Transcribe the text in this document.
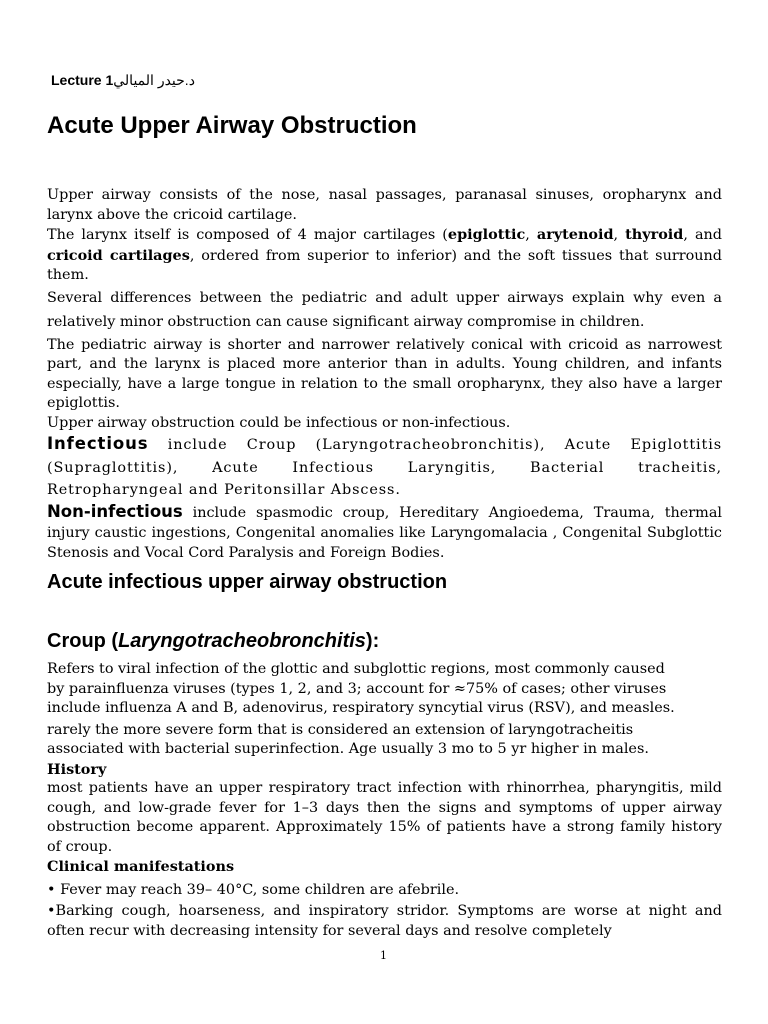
Lecture 1د.حيدر الميالي
Acute Upper Airway Obstruction

Upper airway consists of the nose, nasal passages, paranasal sinuses, oropharynx and larynx above the cricoid cartilage.

The larynx itself is composed of 4 major cartilages (epiglottic, arytenoid, thyroid, and cricoid cartilages, ordered from superior to inferior) and the soft tissues that surround them.

Several differences between the pediatric and adult upper airways explain why even a relatively minor obstruction can cause significant airway compromise in children.

The pediatric airway is shorter and narrower relatively conical with cricoid as narrowest part, and the larynx is placed more anterior than in adults. Young children, and infants especially, have a large tongue in relation to the small oropharynx, they also have a larger epiglottis.

Upper airway obstruction could be infectious or non-infectious.

Infectious include Croup (Laryngotracheobronchitis), Acute Epiglottitis (Supraglottitis), Acute Infectious Laryngitis, Bacterial tracheitis, Retropharyngeal and Peritonsillar Abscess.

Non-infectious include spasmodic croup, Hereditary Angioedema, Trauma, thermal injury caustic ingestions, Congenital anomalies like Laryngomalacia , Congenital Subglottic Stenosis and Vocal Cord Paralysis and Foreign Bodies.

Acute infectious upper airway obstruction
Croup (Laryngotracheobronchitis):

Refers to viral infection of the glottic and subglottic regions, most commonly caused

by parainfluenza viruses (types 1, 2, and 3; account for ≈75% of cases; other viruses

include influenza A and B, adenovirus, respiratory syncytial virus (RSV), and measles.

rarely the more severe form that is considered an extension of laryngotracheitis

associated with bacterial superinfection. Age usually 3 mo to 5 yr higher in males.

History

most patients have an upper respiratory tract infection with rhinorrhea, pharyngitis, mild cough, and low-grade fever for 1–3 days then the signs and symptoms of upper airway obstruction become apparent. Approximately 15% of patients have a strong family history of croup.

Clinical manifestations

• Fever may reach 39– 40°C, some children are afebrile.

•Barking cough, hoarseness, and inspiratory stridor. Symptoms are worse at night and often recur with decreasing intensity for several days and resolve completely

1
